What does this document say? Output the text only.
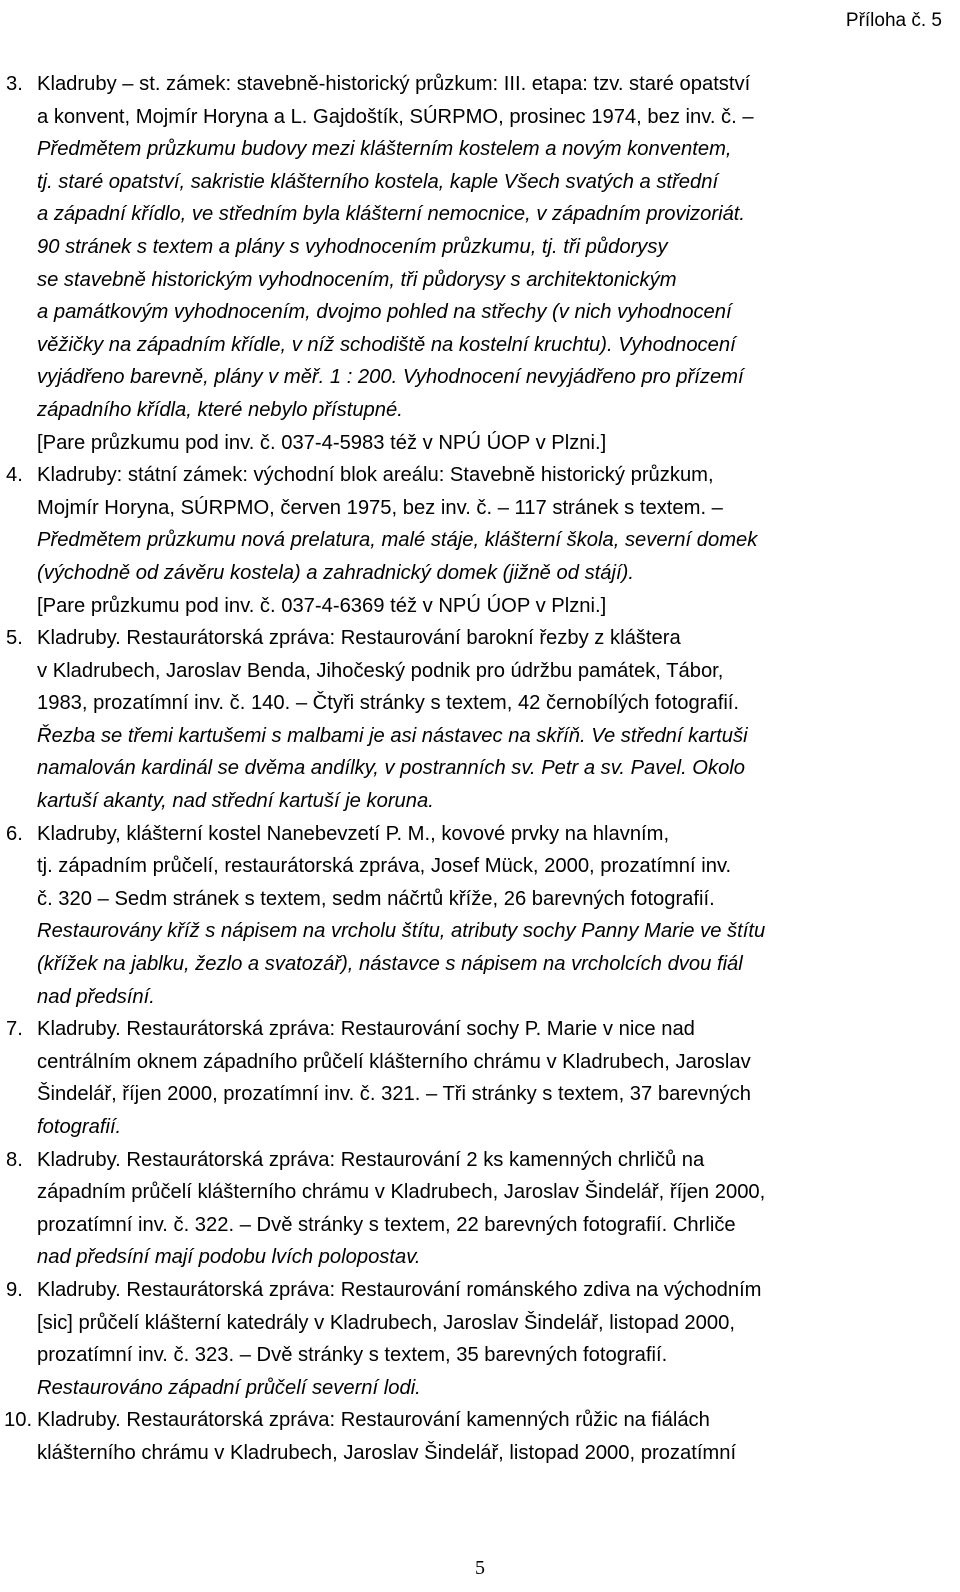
Příloha č. 5

3. Kladruby – st. zámek: stavebně-historický průzkum: III. etapa: tzv. staré opatství

a konvent, Mojmír Horyna a L. Gajdoštík, SÚRPMO, prosinec 1974, bez inv. č. –

Předmětem průzkumu budovy mezi klášterním kostelem a novým konventem,

tj. staré opatství, sakristie klášterního kostela, kaple Všech svatých a střední

a západní křídlo, ve středním byla klášterní nemocnice, v západním provizoriát.

90 stránek s textem a plány s vyhodnocením průzkumu, tj. tři půdorysy

se stavebně historickým vyhodnocením, tři půdorysy s architektonickým

a památkovým vyhodnocením, dvojmo pohled na střechy (v nich vyhodnocení

věžičky na západním křídle, v níž schodiště na kostelní kruchtu). Vyhodnocení

vyjádřeno barevně, plány v měř. 1 : 200. Vyhodnocení nevyjádřeno pro přízemí

západního křídla, které nebylo přístupné.

[Pare průzkumu pod inv. č. 037-4-5983 též v NPÚ ÚOP v Plzni.]

4. Kladruby: státní zámek: východní blok areálu: Stavebně historický průzkum,

Mojmír Horyna, SÚRPMO, červen 1975, bez inv. č. – 117 stránek s textem. –

Předmětem průzkumu nová prelatura, malé stáje, klášterní škola, severní domek

(východně od závěru kostela) a zahradnický domek (jižně od stájí).

[Pare průzkumu pod inv. č. 037-4-6369 též v NPÚ ÚOP v Plzni.]

5. Kladruby. Restaurátorská zpráva: Restaurování barokní řezby z kláštera

v Kladrubech, Jaroslav Benda, Jihočeský podnik pro údržbu památek, Tábor,

1983, prozatímní inv. č. 140. – Čtyři stránky s textem, 42 černobílých fotografií.

Řezba se třemi kartušemi s malbami je asi nástavec na skříň. Ve střední kartuši

namalován kardinál se dvěma andílky, v postranních sv. Petr a sv. Pavel. Okolo

kartuší akanty, nad střední kartuší je koruna.

6. Kladruby, klášterní kostel Nanebevzetí P. M., kovové prvky na hlavním,

tj. západním průčelí, restaurátorská zpráva, Josef Mück, 2000, prozatímní inv.

č. 320 – Sedm stránek s textem, sedm náčrtů kříže, 26 barevných fotografií.

Restaurovány kříž s nápisem na vrcholu štítu, atributy sochy Panny Marie ve štítu

(křížek na jablku, žezlo a svatozář), nástavce s nápisem na vrcholcích dvou fiál

nad předsíní.

7. Kladruby. Restaurátorská zpráva: Restaurování sochy P. Marie v nice nad

centrálním oknem západního průčelí klášterního chrámu v Kladrubech, Jaroslav

Šindelář, říjen 2000, prozatímní inv. č. 321. – Tři stránky s textem, 37 barevných

fotografií.

8. Kladruby. Restaurátorská zpráva: Restaurování 2 ks kamenných chrličů na

západním průčelí klášterního chrámu v Kladrubech, Jaroslav Šindelář, říjen 2000,

prozatímní inv. č. 322. – Dvě stránky s textem, 22 barevných fotografií. Chrliče

nad předsíní mají podobu lvích polopostav.

9. Kladruby. Restaurátorská zpráva: Restaurování románského zdiva na východním

[sic] průčelí klášterní katedrály v Kladrubech, Jaroslav Šindelář, listopad 2000,

prozatímní inv. č. 323. – Dvě stránky s textem, 35 barevných fotografií.

Restaurováno západní průčelí severní lodi.

10. Kladruby. Restaurátorská zpráva: Restaurování kamenných růžic na fiálách

klášterního chrámu v Kladrubech, Jaroslav Šindelář, listopad 2000, prozatímní

5
